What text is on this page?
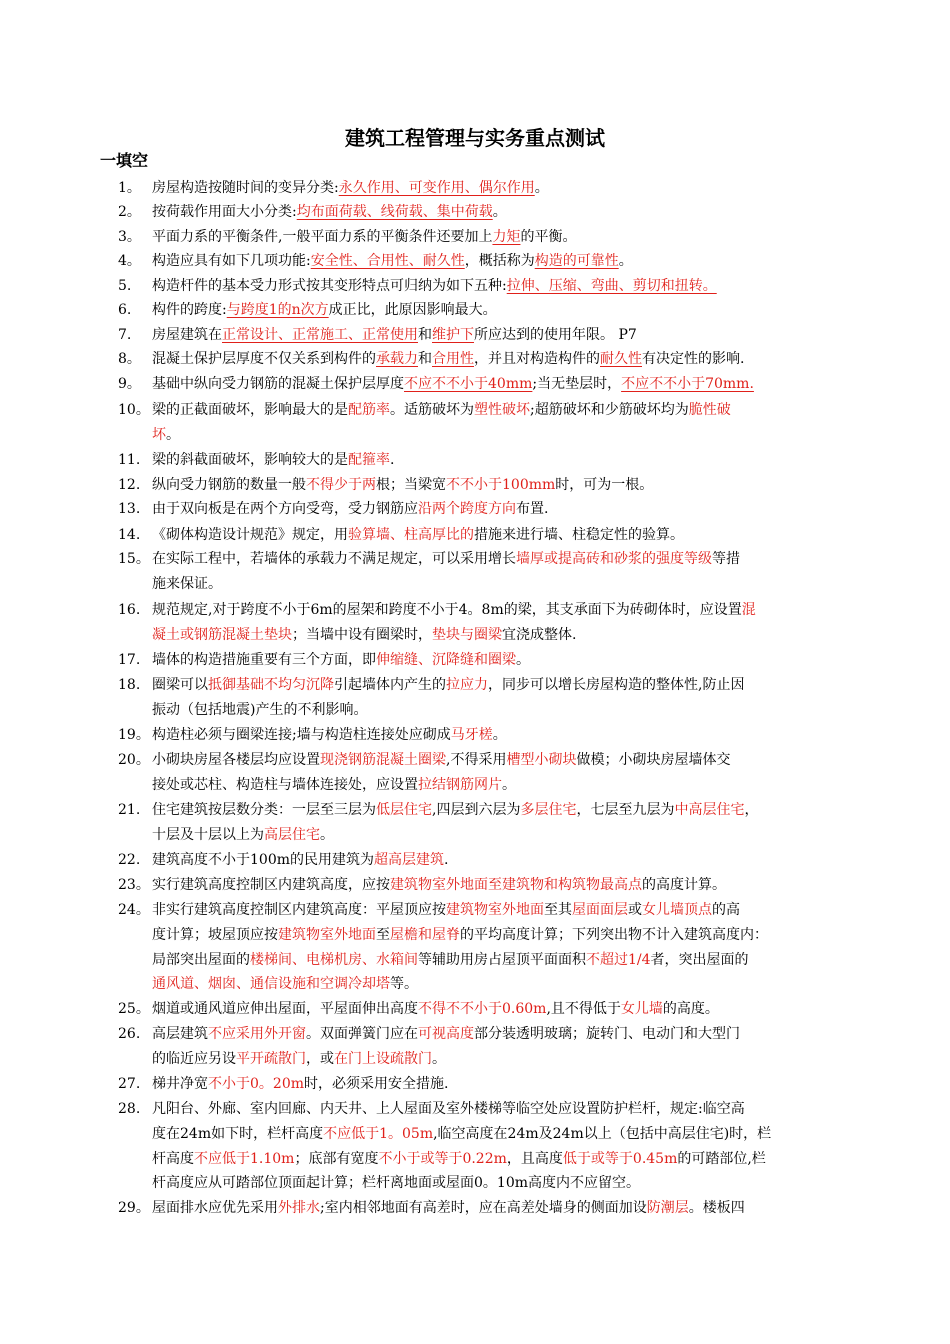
建筑工程管理与实务重点测试
一填空
1。 房屋构造按随时间的变异分类:永久作用、可变作用、偶尔作用。
2。 按荷载作用面大小分类:均布面荷载、线荷载、集中荷载。
3。 平面力系的平衡条件,一般平面力系的平衡条件还要加上力矩的平衡。
4。 构造应具有如下几项功能:安全性、合用性、耐久性，概括称为构造的可靠性。
5. 构造杆件的基本受力形式按其变形特点可归纳为如下五种:拉伸、压缩、弯曲、剪切和扭转。
6. 构件的跨度:与跨度1的n次方成正比，此原因影响最大。
7. 房屋建筑在正常设计、正常施工、正常使用和维护下所应达到的使用年限。 P7
8。 混凝土保护层厚度不仅关系到构件的承载力和合用性，并且对构造构件的耐久性有决定性的影响.
9。 基础中纵向受力钢筋的混凝土保护层厚度不应不不小于40mm;当无垫层时，不应不不小于70mm.
10。 梁的正截面破坏，影响最大的是配筋率。适筋破坏为塑性破坏;超筋破坏和少筋破坏均为脆性破
坏。
11. 梁的斜截面破坏，影响较大的是配箍率.
12. 纵向受力钢筋的数量一般不得少于两根；当梁宽不不小于100mm时，可为一根。
13. 由于双向板是在两个方向受弯，受力钢筋应沿两个跨度方向布置.
14. 《砌体构造设计规范》规定，用验算墙、柱高厚比的措施来进行墙、柱稳定性的验算。
15。 在实际工程中，若墙体的承载力不满足规定，可以采用增长墙厚或提高砖和砂浆的强度等级等措
施来保证。
16. 规范规定,对于跨度不小于6m的屋架和跨度不小于4。8m的梁，其支承面下为砖砌体时，应设置混
凝土或钢筋混凝土垫块；当墙中设有圈梁时，垫块与圈梁宜浇成整体.
17. 墙体的构造措施重要有三个方面，即伸缩缝、沉降缝和圈梁。
18. 圈梁可以抵御基础不均匀沉降引起墙体内产生的拉应力，同步可以增长房屋构造的整体性,防止因
振动（包括地震)产生的不利影响。
19。 构造柱必须与圈梁连接;墙与构造柱连接处应砌成马牙槎。
20。 小砌块房屋各楼层均应设置现浇钢筋混凝土圈梁,不得采用槽型小砌块做模；小砌块房屋墙体交
接处或芯柱、构造柱与墙体连接处，应设置拉结钢筋网片。
21. 住宅建筑按层数分类：一层至三层为低层住宅,四层到六层为多层住宅，七层至九层为中高层住宅，
十层及十层以上为高层住宅。
22. 建筑高度不小于100m的民用建筑为超高层建筑.
23。 实行建筑高度控制区内建筑高度，应按建筑物室外地面至建筑物和构筑物最高点的高度计算。
24。 非实行建筑高度控制区内建筑高度：平屋顶应按建筑物室外地面至其屋面面层或女儿墙顶点的高
度计算；坡屋顶应按建筑物室外地面至屋檐和屋脊的平均高度计算；下列突出物不计入建筑高度内：
局部突出屋面的楼梯间、电梯机房、水箱间等辅助用房占屋顶平面面积不超过1/4者，突出屋面的
通风道、烟囱、通信设施和空调冷却塔等。
25。 烟道或通风道应伸出屋面，平屋面伸出高度不得不不小于0.60m,且不得低于女儿墙的高度。
26. 高层建筑不应采用外开窗。双面弹簧门应在可视高度部分装透明玻璃；旋转门、电动门和大型门
的临近应另设平开疏散门，或在门上设疏散门。
27. 梯井净宽不小于0。20m时，必须采用安全措施.
28. 凡阳台、外廊、室内回廊、内天井、上人屋面及室外楼梯等临空处应设置防护栏杆，规定:临空高
度在24m如下时，栏杆高度不应低于1。05m,临空高度在24m及24m以上（包括中高层住宅)时，栏
杆高度不应低于1.10m；底部有宽度不小于或等于0.22m，且高度低于或等于0.45m的可踏部位,栏
杆高度应从可踏部位顶面起计算；栏杆离地面或屋面0。10m高度内不应留空。
29。 屋面排水应优先采用外排水;室内相邻地面有高差时，应在高差处墙身的侧面加设防潮层。楼板四
